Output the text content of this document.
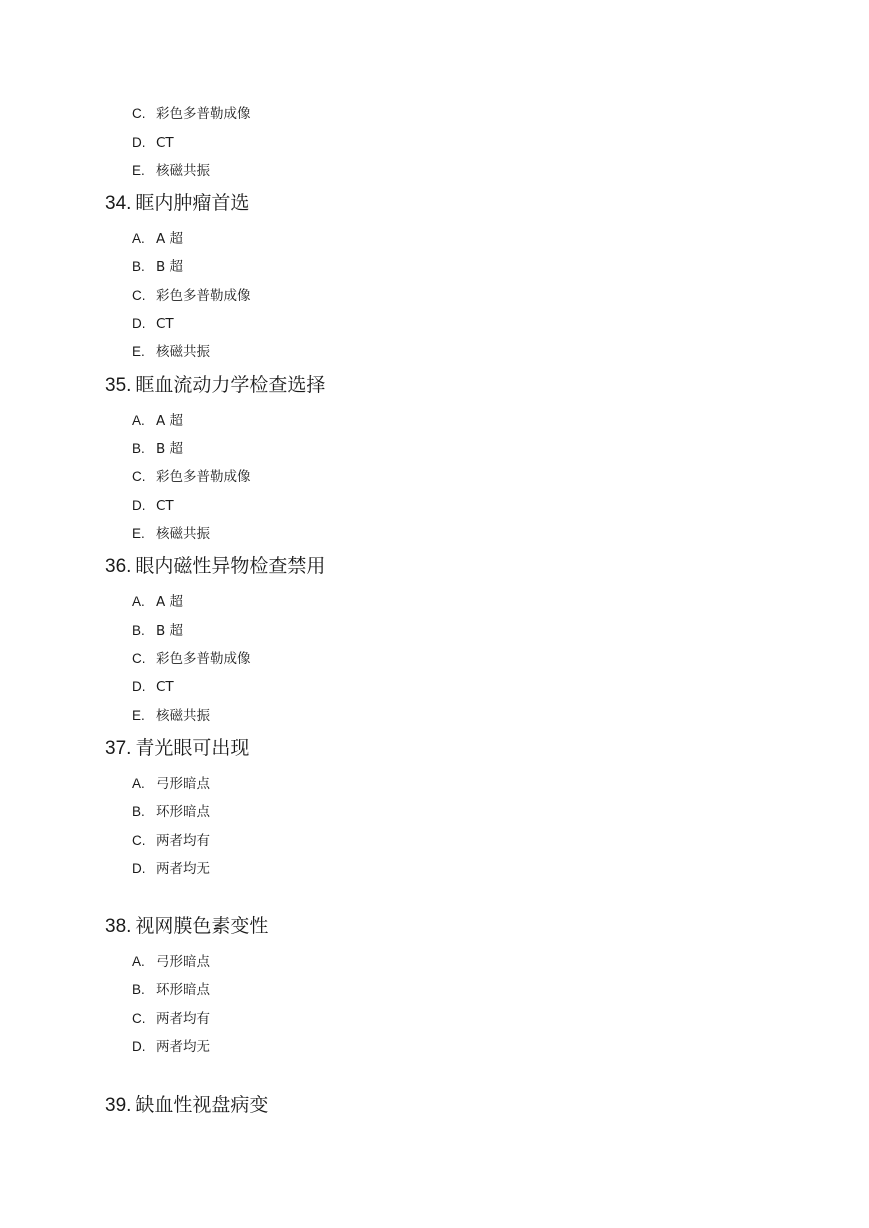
C. 彩色多普勒成像
D. CT
E. 核磁共振
34. 眶内肿瘤首选
A. A 超
B. B 超
C. 彩色多普勒成像
D. CT
E. 核磁共振
35. 眶血流动力学检查选择
A. A 超
B. B 超
C. 彩色多普勒成像
D. CT
E. 核磁共振
36. 眼内磁性异物检查禁用
A. A 超
B. B 超
C. 彩色多普勒成像
D. CT
E. 核磁共振
37. 青光眼可出现
A. 弓形暗点
B. 环形暗点
C. 两者均有
D. 两者均无
38. 视网膜色素变性
A. 弓形暗点
B. 环形暗点
C. 两者均有
D. 两者均无
39. 缺血性视盘病变
